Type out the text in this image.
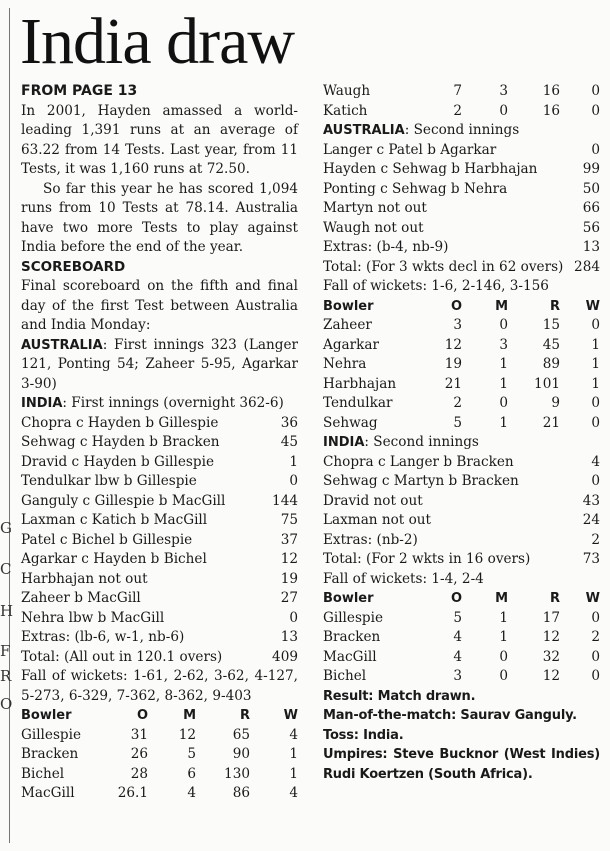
India draw
G
C
H
F
R
O
FROM PAGE 13

In 2001, Hayden amassed a world-leading 1,391 runs at an average of 63.22 from 14 Tests. Last year, from 11 Tests, it was 1,160 runs at 72.50.

So far this year he has scored 1,094 runs from 10 Tests at 78.14. Australia have two more Tests to play against India before the end of the year.

SCOREBOARD

Final scoreboard on the fifth and final day of the first Test between Australia and India Monday:

AUSTRALIA: First innings 323 (Langer 121, Ponting 54; Zaheer 5-95, Agarkar 3-90)

INDIA: First innings (overnight 362-6)
Chopra c Hayden b Gillespie	36
Sehwag c Hayden b Bracken	45
Dravid c Hayden b Gillespie	1
Tendulkar lbw b Gillespie	0
Ganguly c Gillespie b MacGill	144
Laxman c Katich b MacGill	75
Patel c Bichel b Gillespie	37
Agarkar c Hayden b Bichel	12
Harbhajan not out	19
Zaheer b MacGill	27
Nehra lbw b MacGill	0
Extras: (lb-6, w-1, nb-6)	13
Total: (All out in 120.1 overs)	409

Fall of wickets: 1-61, 2-62, 3-62, 4-127, 5-273, 6-329, 7-362, 8-362, 9-403

Bowler	O	M	R	W
Gillespie	31	12	65	4
Bracken	26	5	90	1
Bichel	28	6	130	1
MacGill	26.1	4	86	4
Waugh	7	3	16	0
Katich	2	0	16	0
AUSTRALIA: Second innings
Langer c Patel b Agarkar	0
Hayden c Sehwag b Harbhajan	99
Ponting c Sehwag b Nehra	50
Martyn not out	66
Waugh not out	56
Extras: (b-4, nb-9)	13
Total: (For 3 wkts decl in 62 overs) 284
Fall of wickets: 1-6, 2-146, 3-156
Bowler	O	M	R	W
Zaheer	3	0	15	0
Agarkar	12	3	45	1
Nehra	19	1	89	1
Harbhajan	21	1	101	1
Tendulkar	2	0	9	0
Sehwag	5	1	21	0
INDIA: Second innings
Chopra c Langer b Bracken	4
Sehwag c Martyn b Bracken	0
Dravid not out	43
Laxman not out	24
Extras: (nb-2)	2
Total: (For 2 wkts in 16 overs)	73
Fall of wickets: 1-4, 2-4
Bowler	O	M	R	W
Gillespie	5	1	17	0
Bracken	4	1	12	2
MacGill	4	0	32	0
Bichel	3	0	12	0
Result: Match drawn.
Man-of-the-match: Saurav Ganguly.
Toss: India.
Umpires: Steve Bucknor (West Indies)
Rudi Koertzen (South Africa).
